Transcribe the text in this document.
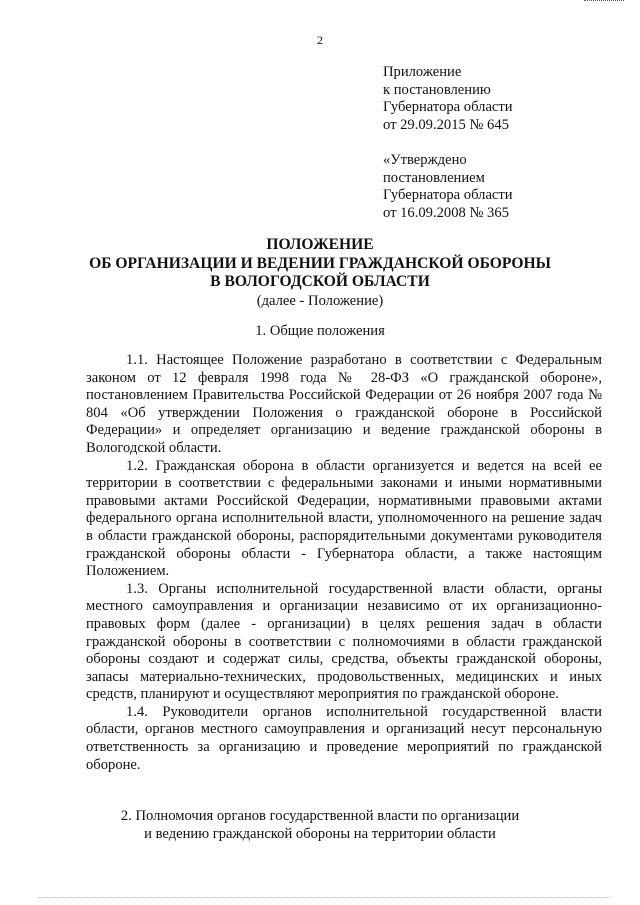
2
Приложение
к постановлению
Губернатора области
от 29.09.2015 № 645
«Утверждено
постановлением
Губернатора области
от 16.09.2008 № 365
ПОЛОЖЕНИЕ
ОБ ОРГАНИЗАЦИИ И ВЕДЕНИИ ГРАЖДАНСКОЙ ОБОРОНЫ
В ВОЛОГОДСКОЙ ОБЛАСТИ
(далее - Положение)
1. Общие положения

1.1. Настоящее Положение разработано в соответствии с Федеральным законом от 12 февраля 1998 года № 28-ФЗ «О гражданской обороне», постановлением Правительства Российской Федерации от 26 ноября 2007 года № 804 «Об утверждении Положения о гражданской обороне в Российской Федерации» и определяет организацию и ведение гражданской обороны в Вологодской области.

1.2. Гражданская оборона в области организуется и ведется на всей ее территории в соответствии с федеральными законами и иными нормативными правовыми актами Российской Федерации, нормативными правовыми актами федерального органа исполнительной власти, уполномоченного на решение задач в области гражданской обороны, распорядительными документами руководителя гражданской обороны области - Губернатора области, а также настоящим Положением.

1.3. Органы исполнительной государственной власти области, органы местного самоуправления и организации независимо от их организационно-правовых форм (далее - организации) в целях решения задач в области гражданской обороны в соответствии с полномочиями в области гражданской обороны создают и содержат силы, средства, объекты гражданской обороны, запасы материально-технических, продовольственных, медицинских и иных средств, планируют и осуществляют мероприятия по гражданской обороне.

1.4. Руководители органов исполнительной государственной власти области, органов местного самоуправления и организаций несут персональную ответственность за организацию и проведение мероприятий по гражданской обороне.

2. Полномочия органов государственной власти по организации
и ведению гражданской обороны на территории области
